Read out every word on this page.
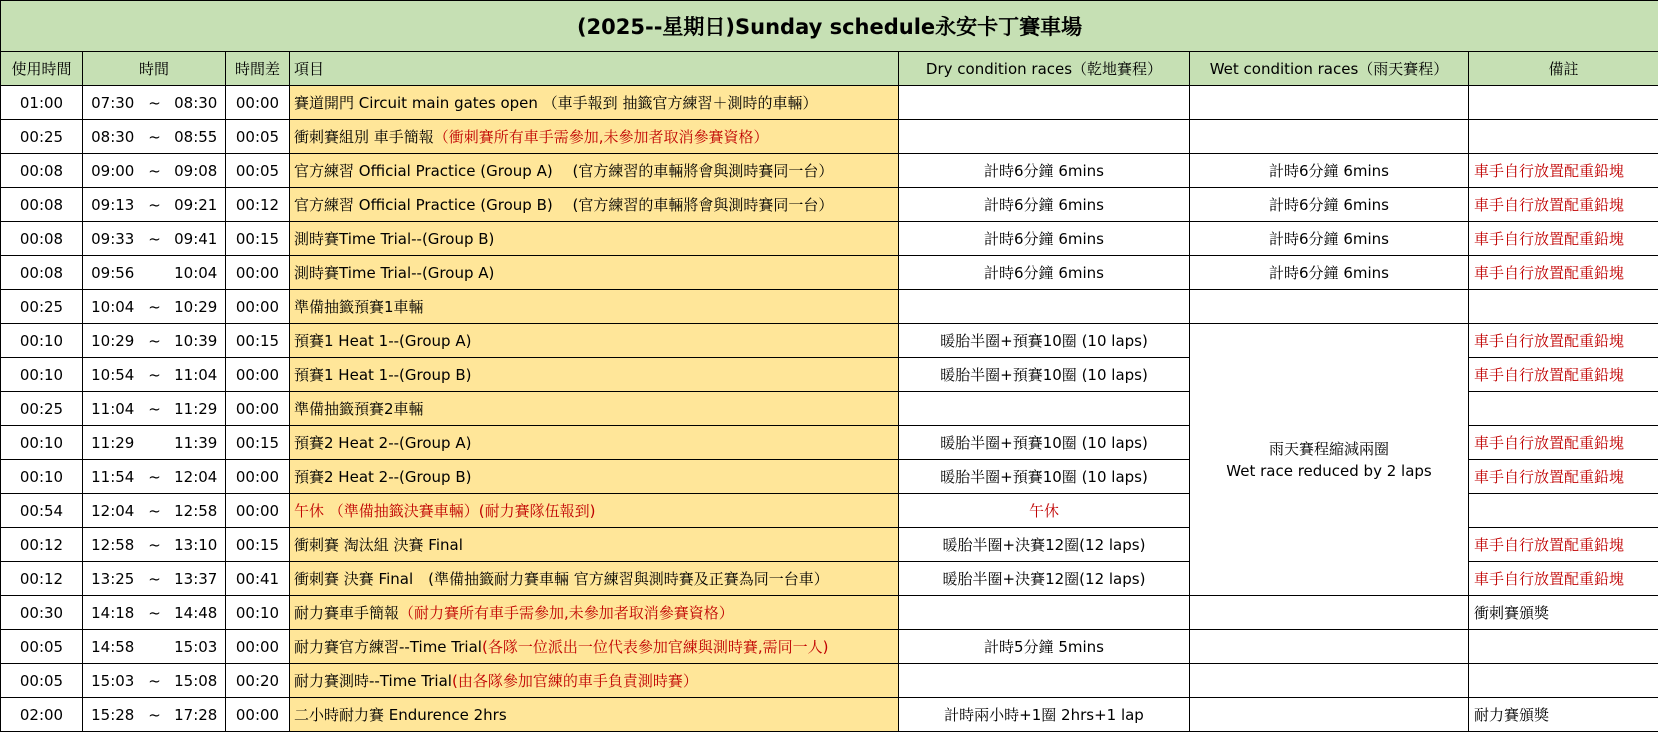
(2025--星期日)Sunday schedule永安卡丁賽車場								
使用時間	時間			時間差	項目	Dry condition races（乾地賽程）	Wet condition races（雨天賽程）	備註
01:00	07:30	~	08:30	00:00	賽道開門 Circuit main gates open （車手報到 抽籤官方練習＋測時的車輛）			
00:25	08:30	~	08:55	00:05	衝刺賽組別 車手簡報（衝刺賽所有車手需參加,未參加者取消參賽資格）			
00:08	09:00	~	09:08	00:05	官方練習 Official Practice (Group A)　 (官方練習的車輛將會與測時賽同一台）	計時6分鐘 6mins	計時6分鐘 6mins	車手自行放置配重鉛塊
00:08	09:13	~	09:21	00:12	官方練習 Official Practice (Group B)　 (官方練習的車輛將會與測時賽同一台）	計時6分鐘 6mins	計時6分鐘 6mins	車手自行放置配重鉛塊
00:08	09:33	~	09:41	00:15	測時賽Time Trial--(Group B)	計時6分鐘 6mins	計時6分鐘 6mins	車手自行放置配重鉛塊
00:08	09:56		10:04	00:00	測時賽Time Trial--(Group A)	計時6分鐘 6mins	計時6分鐘 6mins	車手自行放置配重鉛塊
00:25	10:04	~	10:29	00:00	準備抽籤預賽1車輛			
00:10	10:29	~	10:39	00:15	預賽1 Heat 1--(Group A)	暖胎半圈+預賽10圈 (10 laps)	雨天賽程縮減兩圈
Wet race reduced by 2 laps	車手自行放置配重鉛塊
00:10	10:54	~	11:04	00:00	預賽1 Heat 1--(Group B)	暖胎半圈+預賽10圈 (10 laps)		車手自行放置配重鉛塊
00:25	11:04	~	11:29	00:00	準備抽籤預賽2車輛			
00:10	11:29		11:39	00:15	預賽2 Heat 2--(Group A)	暖胎半圈+預賽10圈 (10 laps)		車手自行放置配重鉛塊
00:10	11:54	~	12:04	00:00	預賽2 Heat 2--(Group B)	暖胎半圈+預賽10圈 (10 laps)		車手自行放置配重鉛塊
00:54	12:04	~	12:58	00:00	午休 （準備抽籤決賽車輛）(耐力賽隊伍報到)	午休		
00:12	12:58	~	13:10	00:15	衝刺賽 淘汰組 決賽 Final	暖胎半圈+決賽12圈(12 laps)		車手自行放置配重鉛塊
00:12	13:25	~	13:37	00:41	衝刺賽 決賽 Final　(準備抽籤耐力賽車輛 官方練習與測時賽及正賽為同一台車）	暖胎半圈+決賽12圈(12 laps)		車手自行放置配重鉛塊
00:30	14:18	~	14:48	00:10	耐力賽車手簡報（耐力賽所有車手需參加,未參加者取消參賽資格）			衝刺賽頒獎
00:05	14:58		15:03	00:00	耐力賽官方練習--Time Trial(各隊一位派出一位代表參加官練與測時賽,需同一人)	計時5分鐘 5mins		
00:05	15:03	~	15:08	00:20	耐力賽測時--Time Trial(由各隊參加官練的車手負責測時賽）			
02:00	15:28	~	17:28	00:00	二小時耐力賽 Endurence 2hrs	計時兩小時+1圈 2hrs+1 lap		耐力賽頒獎
